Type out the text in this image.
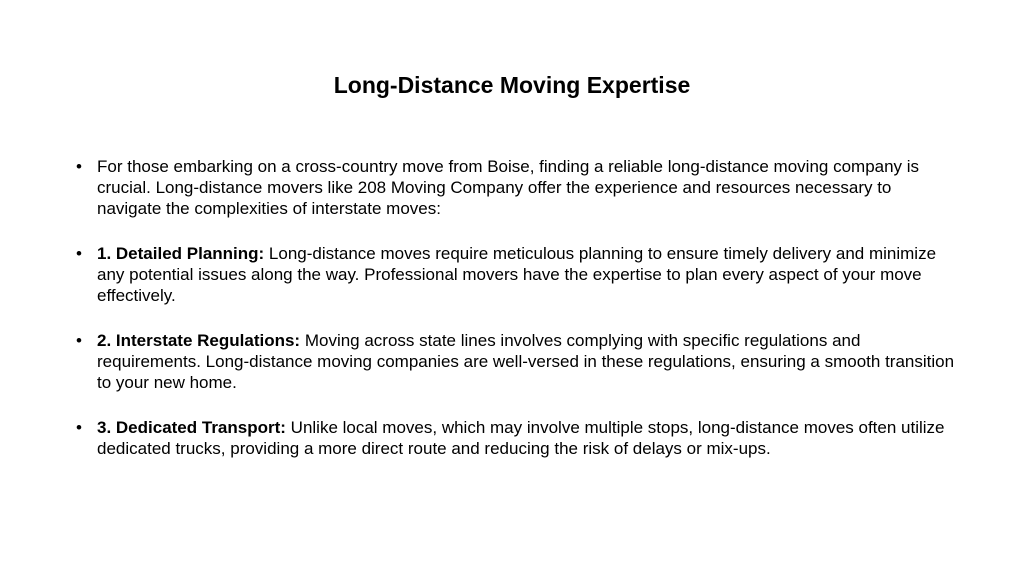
Long-Distance Moving Expertise
• For those embarking on a cross-country move from Boise, finding a reliable long-distance moving company is crucial. Long-distance movers like 208 Moving Company offer the experience and resources necessary to navigate the complexities of interstate moves:
• 1. Detailed Planning: Long-distance moves require meticulous planning to ensure timely delivery and minimize any potential issues along the way. Professional movers have the expertise to plan every aspect of your move effectively.
• 2. Interstate Regulations: Moving across state lines involves complying with specific regulations and requirements. Long-distance moving companies are well-versed in these regulations, ensuring a smooth transition to your new home.
• 3. Dedicated Transport: Unlike local moves, which may involve multiple stops, long-distance moves often utilize dedicated trucks, providing a more direct route and reducing the risk of delays or mix-ups.
